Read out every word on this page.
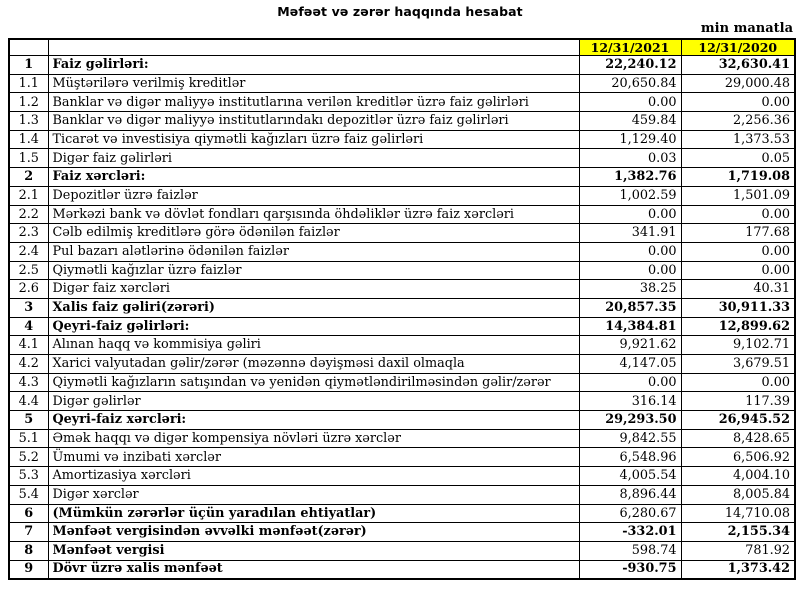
Məfəət və zərər haqqında hesabat
min manatla
		12/31/2021	12/31/2020
1	Faiz gəlirləri:	22,240.12	32,630.41
1.1	Müştərilərə verilmiş kreditlər	20,650.84	29,000.48
1.2	Banklar və digər maliyyə institutlarına verilən kreditlər üzrə faiz gəlirləri	0.00	0.00
1.3	Banklar və digər maliyyə institutlarındakı depozitlər üzrə faiz gəlirləri	459.84	2,256.36
1.4	Ticarət və investisiya qiymətli kağızları üzrə faiz gəlirləri	1,129.40	1,373.53
1.5	Digər faiz gəlirləri	0.03	0.05
2	Faiz xərcləri:	1,382.76	1,719.08
2.1	Depozitlər üzrə faizlər	1,002.59	1,501.09
2.2	Mərkəzi bank və dövlət fondları qarşısında öhdəliklər üzrə faiz xərcləri	0.00	0.00
2.3	Cəlb edilmiş kreditlərə görə ödənilən faizlər	341.91	177.68
2.4	Pul bazarı alətlərinə ödənilən faizlər	0.00	0.00
2.5	Qiymətli kağızlar üzrə faizlər	0.00	0.00
2.6	Digər faiz xərcləri	38.25	40.31
3	Xalis faiz gəliri(zərəri)	20,857.35	30,911.33
4	Qeyri-faiz gəlirləri:	14,384.81	12,899.62
4.1	Alınan haqq və kommisiya gəliri	9,921.62	9,102.71
4.2	Xarici valyutadan gəlir/zərər (məzənnə dəyişməsi daxil olmaqla	4,147.05	3,679.51
4.3	Qiymətli kağızların satışından və yenidən qiymətləndirilməsindən gəlir/zərər	0.00	0.00
4.4	Digər gəlirlər	316.14	117.39
5	Qeyri-faiz xərcləri:	29,293.50	26,945.52
5.1	Əmək haqqı və digər kompensiya növləri üzrə xərclər	9,842.55	8,428.65
5.2	Ümumi və inzibati xərclər	6,548.96	6,506.92
5.3	Amortizasiya xərcləri	4,005.54	4,004.10
5.4	Digər xərclər	8,896.44	8,005.84
6	(Mümkün zərərlər üçün yaradılan ehtiyatlar)	6,280.67	14,710.08
7	Mənfəət vergisindən əvvəlki mənfəət(zərər)	-332.01	2,155.34
8	Mənfəət vergisi	598.74	781.92
9	Dövr üzrə xalis mənfəət	-930.75	1,373.42
